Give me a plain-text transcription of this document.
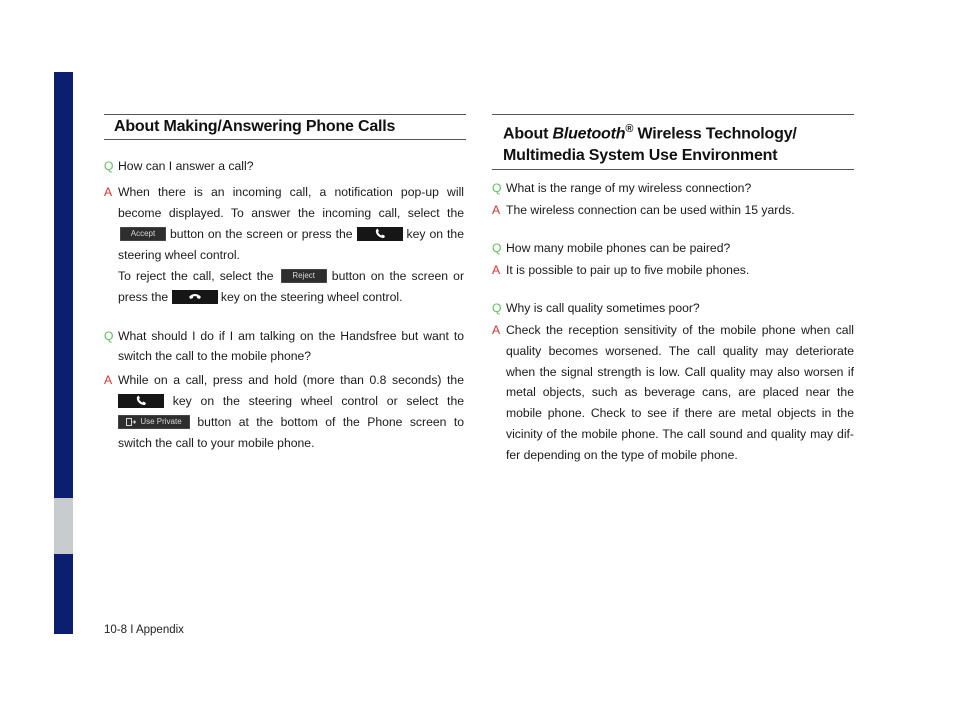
About Making/Answering Phone Calls
Q How can I answer a call?
A When there is an incoming call, a notification pop-up will become displayed. To answer the incoming call, select the Accept button on the screen or press the	key on the steering wheel control.
To reject the call, select the Reject button on the screen or press the	key on the steering wheel control.
Q What should I do if I am talking on the Handsfree but want to switch the call to the mobile phone?
A While on a call, press and hold (more than 0.8 seconds) the
key on the steering wheel control or select the Use Private button at the bottom of the Phone screen to switch the call to your mobile phone.
About Bluetooth® Wireless Technology/
Multimedia System Use Environment
Q What is the range of my wireless connection?
A The wireless connection can be used within 15 yards.
Q How many mobile phones can be paired?
A It is possible to pair up to five mobile phones.
Q Why is call quality sometimes poor?
A Check the reception sensitivity of the mobile phone when call quality becomes worsened. The call quality may deteriorate when the signal strength is low. Call quality may also worsen if metal objects, such as beverage cans, are placed near the mobile phone. Check to see if there are metal objects in the vicinity of the mobile phone. The call sound and quality may dif-fer depending on the type of mobile phone.
10-8 I Appendix
